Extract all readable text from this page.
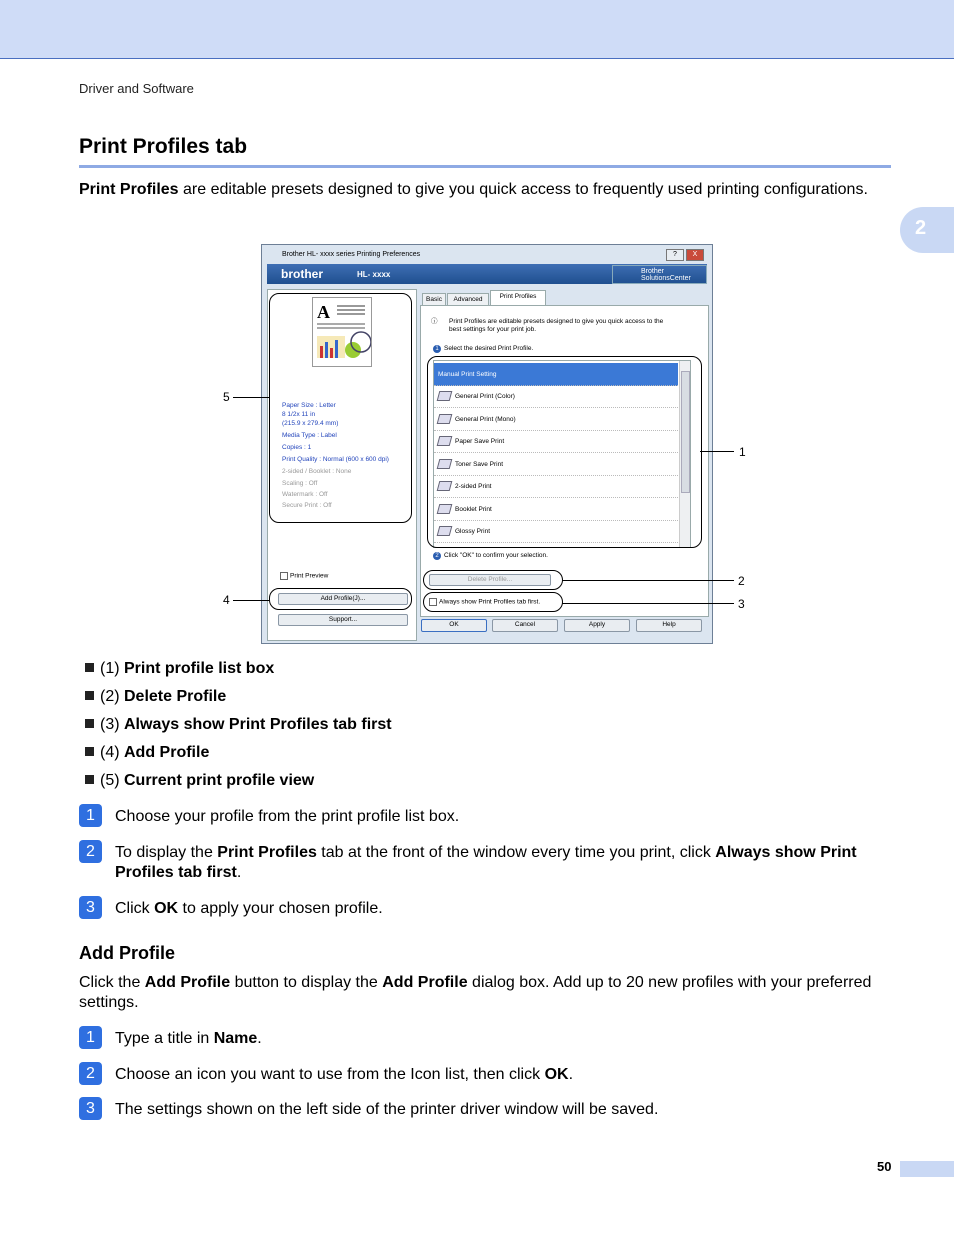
Driver and Software
2
Print Profiles tab

Print Profiles are editable presets designed to give you quick access to frequently used printing configurations.

Brother HL- xxxx series Printing Preferences	?	X
brother	HL- xxxx	Brother SolutionsCenter
A
Paper Size : Letter
8 1/2x 11 in
(215.9 x 279.4 mm)
Media Type : Label
Copies : 1
Print Quality : Normal (600 x 600 dpi)
2-sided / Booklet : None
Scaling : Off
Watermark : Off
Secure Print : Off
Print Preview
Add Profile(J)...
Support...
Basic	Advanced	Print Profiles
ⓘ Print Profiles are editable presets designed to give you quick access to the
best settings for your print job.
1 Select the desired Print Profile.
Manual Print Setting
General Print (Color)
General Print (Mono)
Paper Save Print
Toner Save Print
2-sided Print
Booklet Print
Glossy Print
2 Click "OK" to confirm your selection.
Delete Profile...
Always show Print Profiles tab first.
OK	Cancel	Apply	Help
5
1
2
3
4
(1) Print profile list box
(2) Delete Profile
(3) Always show Print Profiles tab first
(4) Add Profile
(5) Current print profile view
1	Choose your profile from the print profile list box.
2	To display the Print Profiles tab at the front of the window every time you print, click Always show Print Profiles tab first.
3	Click OK to apply your chosen profile.
Add Profile

Click the Add Profile button to display the Add Profile dialog box. Add up to 20 new profiles with your preferred settings.

1	Type a title in Name.
2	Choose an icon you want to use from the Icon list, then click OK.
3	The settings shown on the left side of the printer driver window will be saved.
50
